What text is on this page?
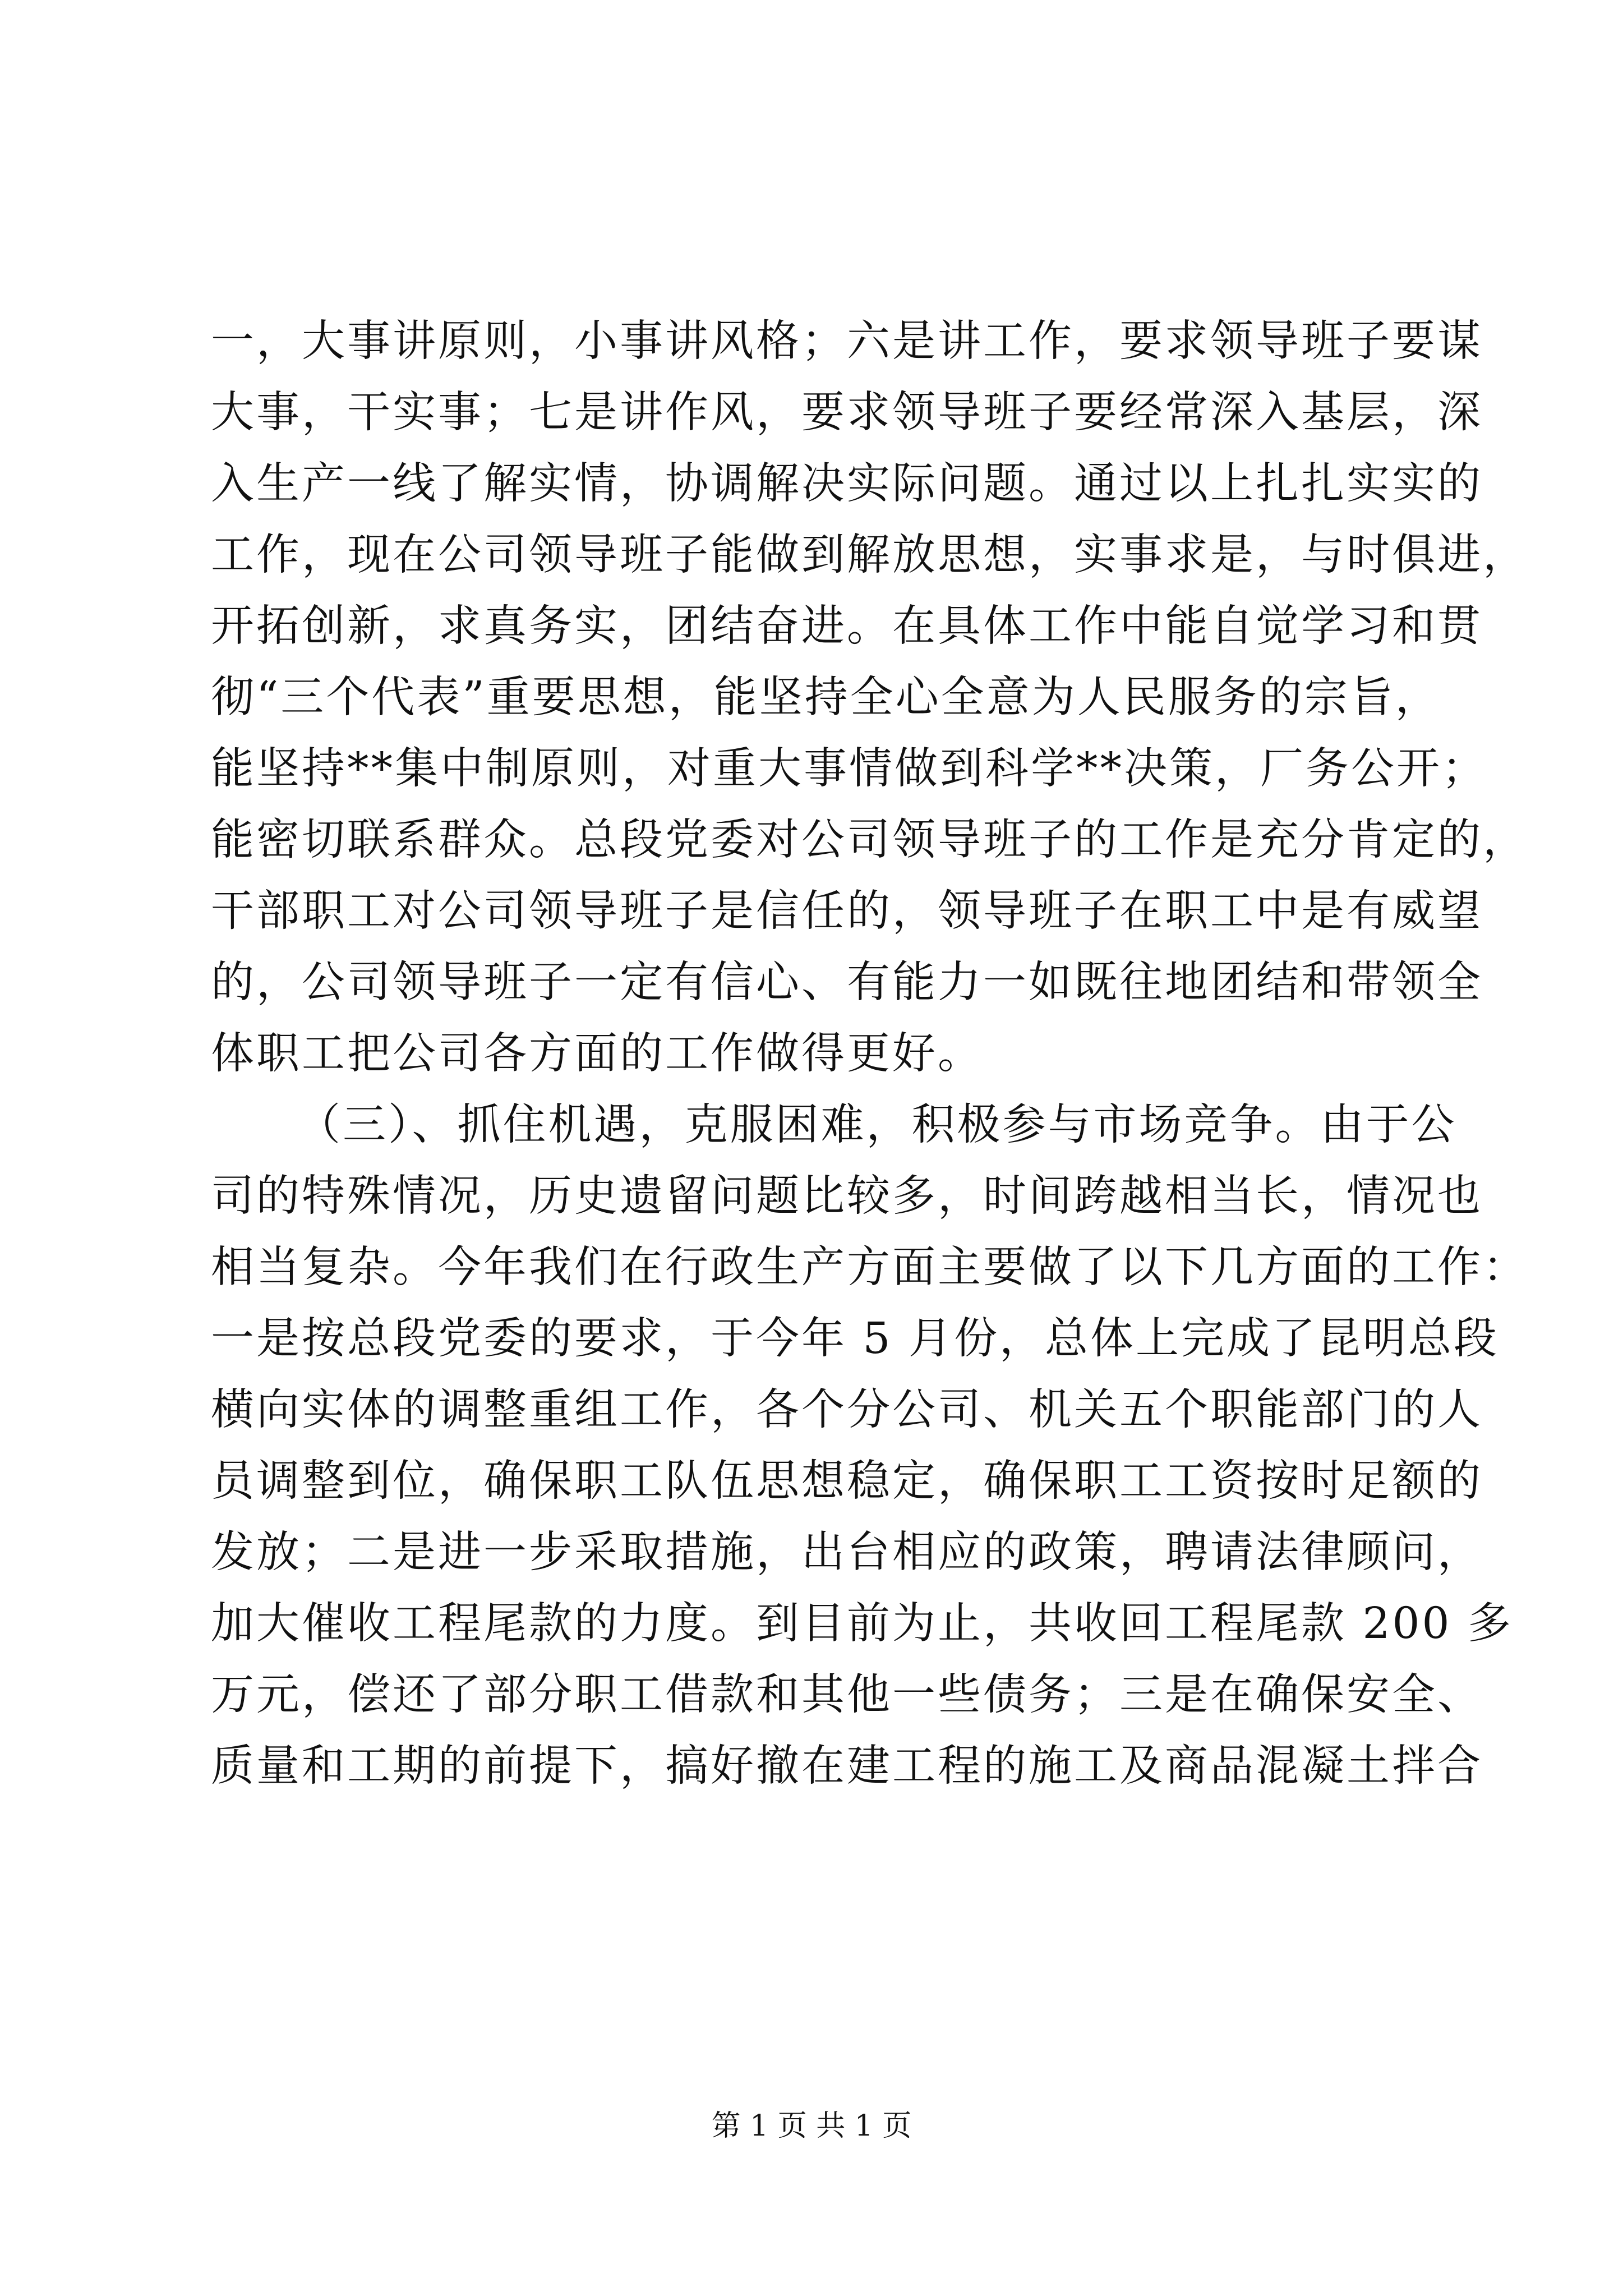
一，大事讲原则，小事讲风格；六是讲工作，要求领导班子要谋
大事，干实事；七是讲作风，要求领导班子要经常深入基层，深
入生产一线了解实情，协调解决实际问题。通过以上扎扎实实的
工作，现在公司领导班子能做到解放思想，实事求是，与时俱进，
开拓创新，求真务实，团结奋进。在具体工作中能自觉学习和贯
彻“三个代表”重要思想，能坚持全心全意为人民服务的宗旨，
能坚持**集中制原则，对重大事情做到科学**决策，厂务公开；
能密切联系群众。总段党委对公司领导班子的工作是充分肯定的，
干部职工对公司领导班子是信任的，领导班子在职工中是有威望
的，公司领导班子一定有信心、有能力一如既往地团结和带领全
体职工把公司各方面的工作做得更好。
（三）、抓住机遇，克服困难，积极参与市场竞争。由于公
司的特殊情况，历史遗留问题比较多，时间跨越相当长，情况也
相当复杂。今年我们在行政生产方面主要做了以下几方面的工作：
一是按总段党委的要求，于今年 5 月份，总体上完成了昆明总段
横向实体的调整重组工作，各个分公司、机关五个职能部门的人
员调整到位，确保职工队伍思想稳定，确保职工工资按时足额的
发放；二是进一步采取措施，出台相应的政策，聘请法律顾问，
加大催收工程尾款的力度。到目前为止，共收回工程尾款 200 多
万元，偿还了部分职工借款和其他一些债务；三是在确保安全、
质量和工期的前提下，搞好撤在建工程的施工及商品混凝土拌合
第 1 页 共 1 页
